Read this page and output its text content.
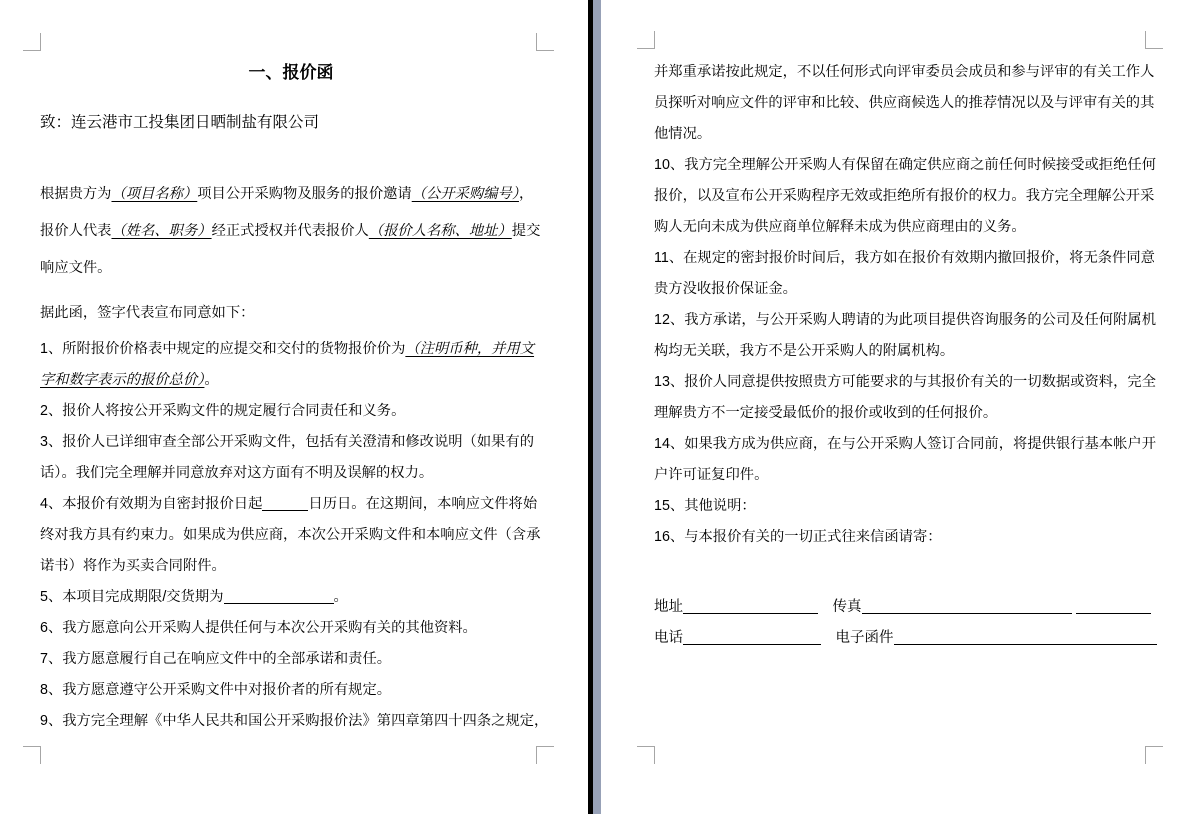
一、报价函
致：连云港市工投集团日晒制盐有限公司
根据贵方为（项目名称）项目公开采购物及服务的报价邀请（公开采购编号），
报价人代表（姓名、职务）经正式授权并代表报价人（报价人名称、地址）提交
响应文件。
据此函，签字代表宣布同意如下：
1、所附报价价格表中规定的应提交和交付的货物报价价为（注明币种，并用文
字和数字表示的报价总价）。
2、报价人将按公开采购文件的规定履行合同责任和义务。
3、报价人已详细审查全部公开采购文件，包括有关澄清和修改说明（如果有的
话）。我们完全理解并同意放弃对这方面有不明及误解的权力。
4、本报价有效期为自密封报价日起	日历日。在这期间，本响应文件将始
终对我方具有约束力。如果成为供应商，本次公开采购文件和本响应文件（含承
诺书）将作为买卖合同附件。
5、本项目完成期限/交货期为	。
6、我方愿意向公开采购人提供任何与本次公开采购有关的其他资料。
7、我方愿意履行自己在响应文件中的全部承诺和责任。
8、我方愿意遵守公开采购文件中对报价者的所有规定。
9、我方完全理解《中华人民共和国公开采购报价法》第四章第四十四条之规定，
并郑重承诺按此规定，不以任何形式向评审委员会成员和参与评审的有关工作人
员探听对响应文件的评审和比较、供应商候选人的推荐情况以及与评审有关的其
他情况。
10、我方完全理解公开采购人有保留在确定供应商之前任何时候接受或拒绝任何
报价，以及宣布公开采购程序无效或拒绝所有报价的权力。我方完全理解公开采
购人无向未成为供应商单位解释未成为供应商理由的义务。
11、在规定的密封报价时间后，我方如在报价有效期内撤回报价，将无条件同意
贵方没收报价保证金。
12、我方承诺，与公开采购人聘请的为此项目提供咨询服务的公司及任何附属机
构均无关联，我方不是公开采购人的附属机构。
13、报价人同意提供按照贵方可能要求的与其报价有关的一切数据或资料，完全
理解贵方不一定接受最低价的报价或收到的任何报价。
14、如果我方成为供应商，在与公开采购人签订合同前，将提供银行基本帐户开
户许可证复印件。
15、其他说明：
16、与本报价有关的一切正式往来信函请寄：
地址　	传真
电话　	电子函件
